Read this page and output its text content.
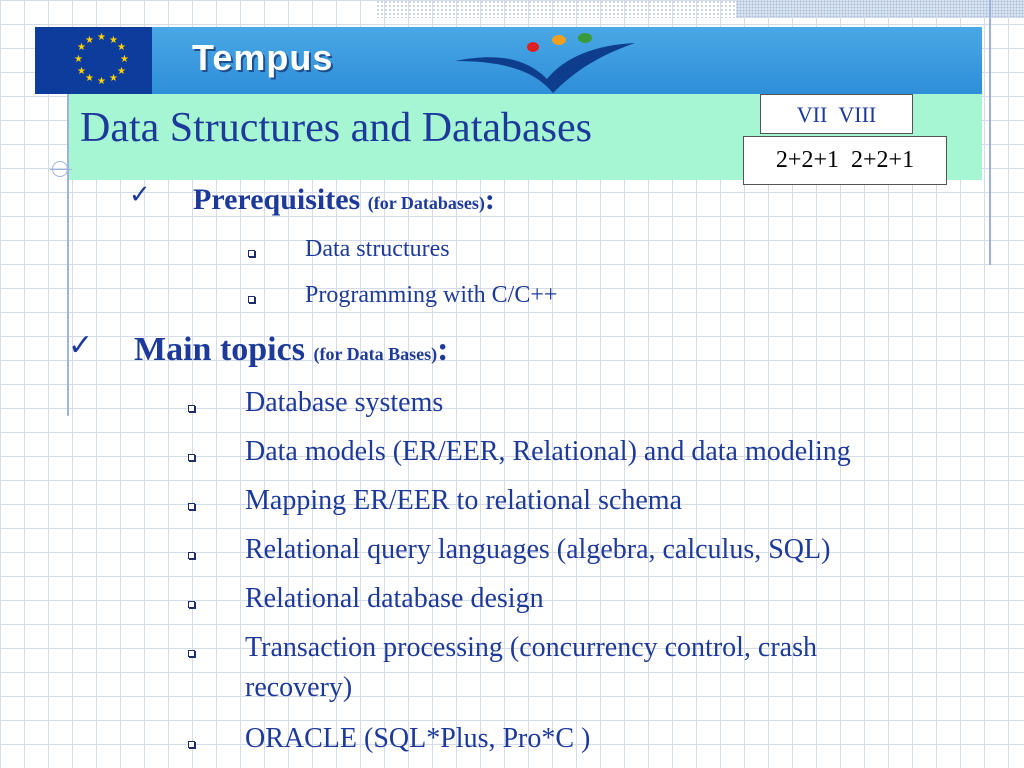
★
★
★
★
★
★
★
★
★
★
★ ★ Tempus
Data Structures and Databases	VII VIII
2+2+1 2+2+1
✓ Prerequisites (for Databases):
Data structures
Programming with C/C++
✓ Main topics (for Data Bases):
Database systems
Data models (ER/EER, Relational) and data modeling
Mapping ER/EER to relational schema
Relational query languages (algebra, calculus, SQL)
Relational database design
Transaction processing (concurrency control, crash
recovery)
ORACLE (SQL*Plus, Pro*C )
